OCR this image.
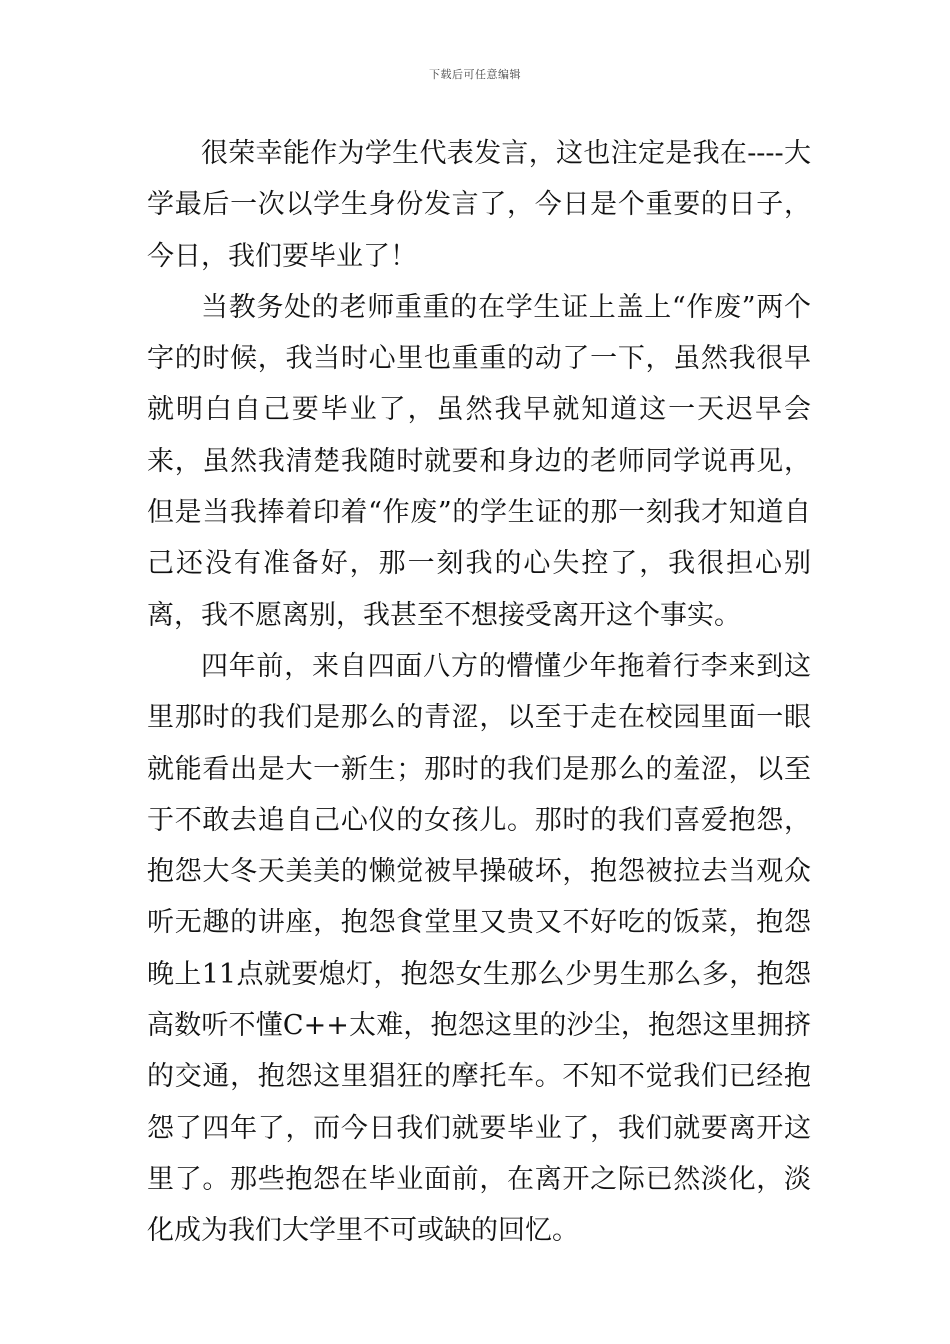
下载后可任意编辑

很荣幸能作为学生代表发言，这也注定是我在----大学最后一次以学生身份发言了，今日是个重要的日子，今日，我们要毕业了！

当教务处的老师重重的在学生证上盖上“作废”两个字的时候，我当时心里也重重的动了一下，虽然我很早就明白自己要毕业了，虽然我早就知道这一天迟早会来，虽然我清楚我随时就要和身边的老师同学说再见，但是当我捧着印着“作废”的学生证的那一刻我才知道自己还没有准备好，那一刻我的心失控了，我很担心别离，我不愿离别，我甚至不想接受离开这个事实。

四年前，来自四面八方的懵懂少年拖着行李来到这里那时的我们是那么的青涩，以至于走在校园里面一眼就能看出是大一新生；那时的我们是那么的羞涩，以至于不敢去追自己心仪的女孩儿。那时的我们喜爱抱怨，抱怨大冬天美美的懒觉被早操破坏，抱怨被拉去当观众听无趣的讲座，抱怨食堂里又贵又不好吃的饭菜，抱怨晚上11点就要熄灯，抱怨女生那么少男生那么多，抱怨高数听不懂C++太难，抱怨这里的沙尘，抱怨这里拥挤的交通，抱怨这里猖狂的摩托车。不知不觉我们已经抱怨了四年了，而今日我们就要毕业了，我们就要离开这里了。那些抱怨在毕业面前，在离开之际已然淡化，淡化成为我们大学里不可或缺的回忆。
